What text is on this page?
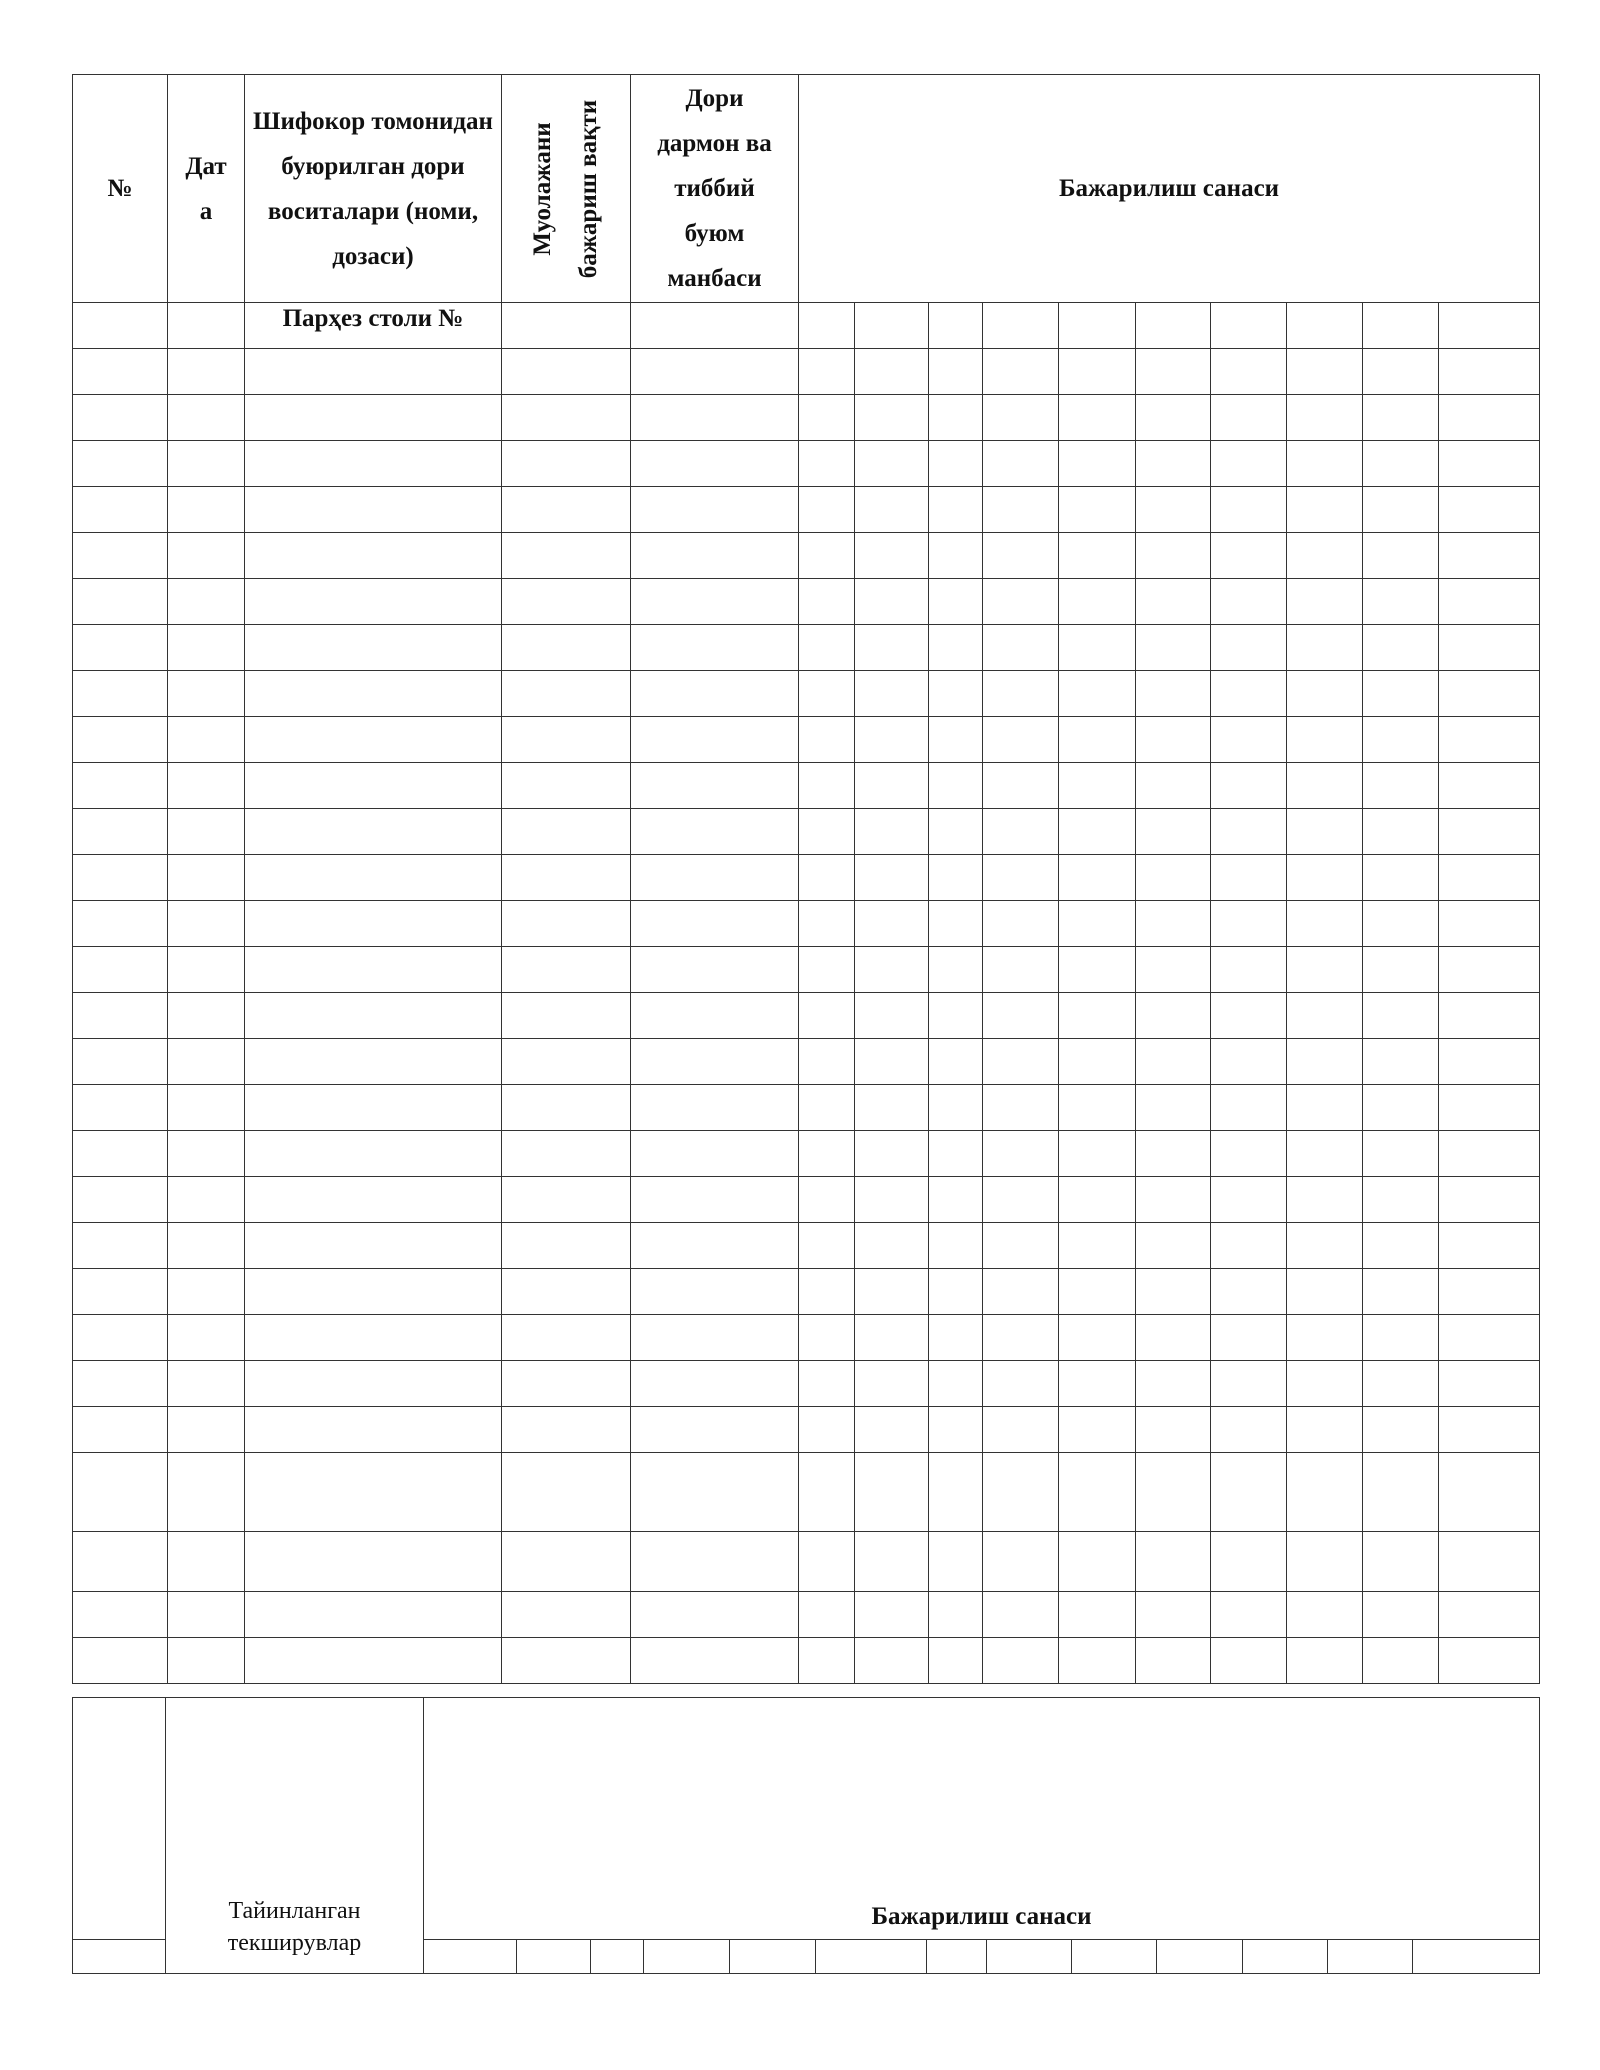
№	Дата	Шифокор томонидан буюрилган дори воситалари (номи, дозаси)	Муолажани бажариш вақти	Дори дармон ва тиббий буюм манбаси	Бажарилиш санаси									
		Парҳез столи №												

	Тайинланган текширувлар	Бажарилиш санаси												
